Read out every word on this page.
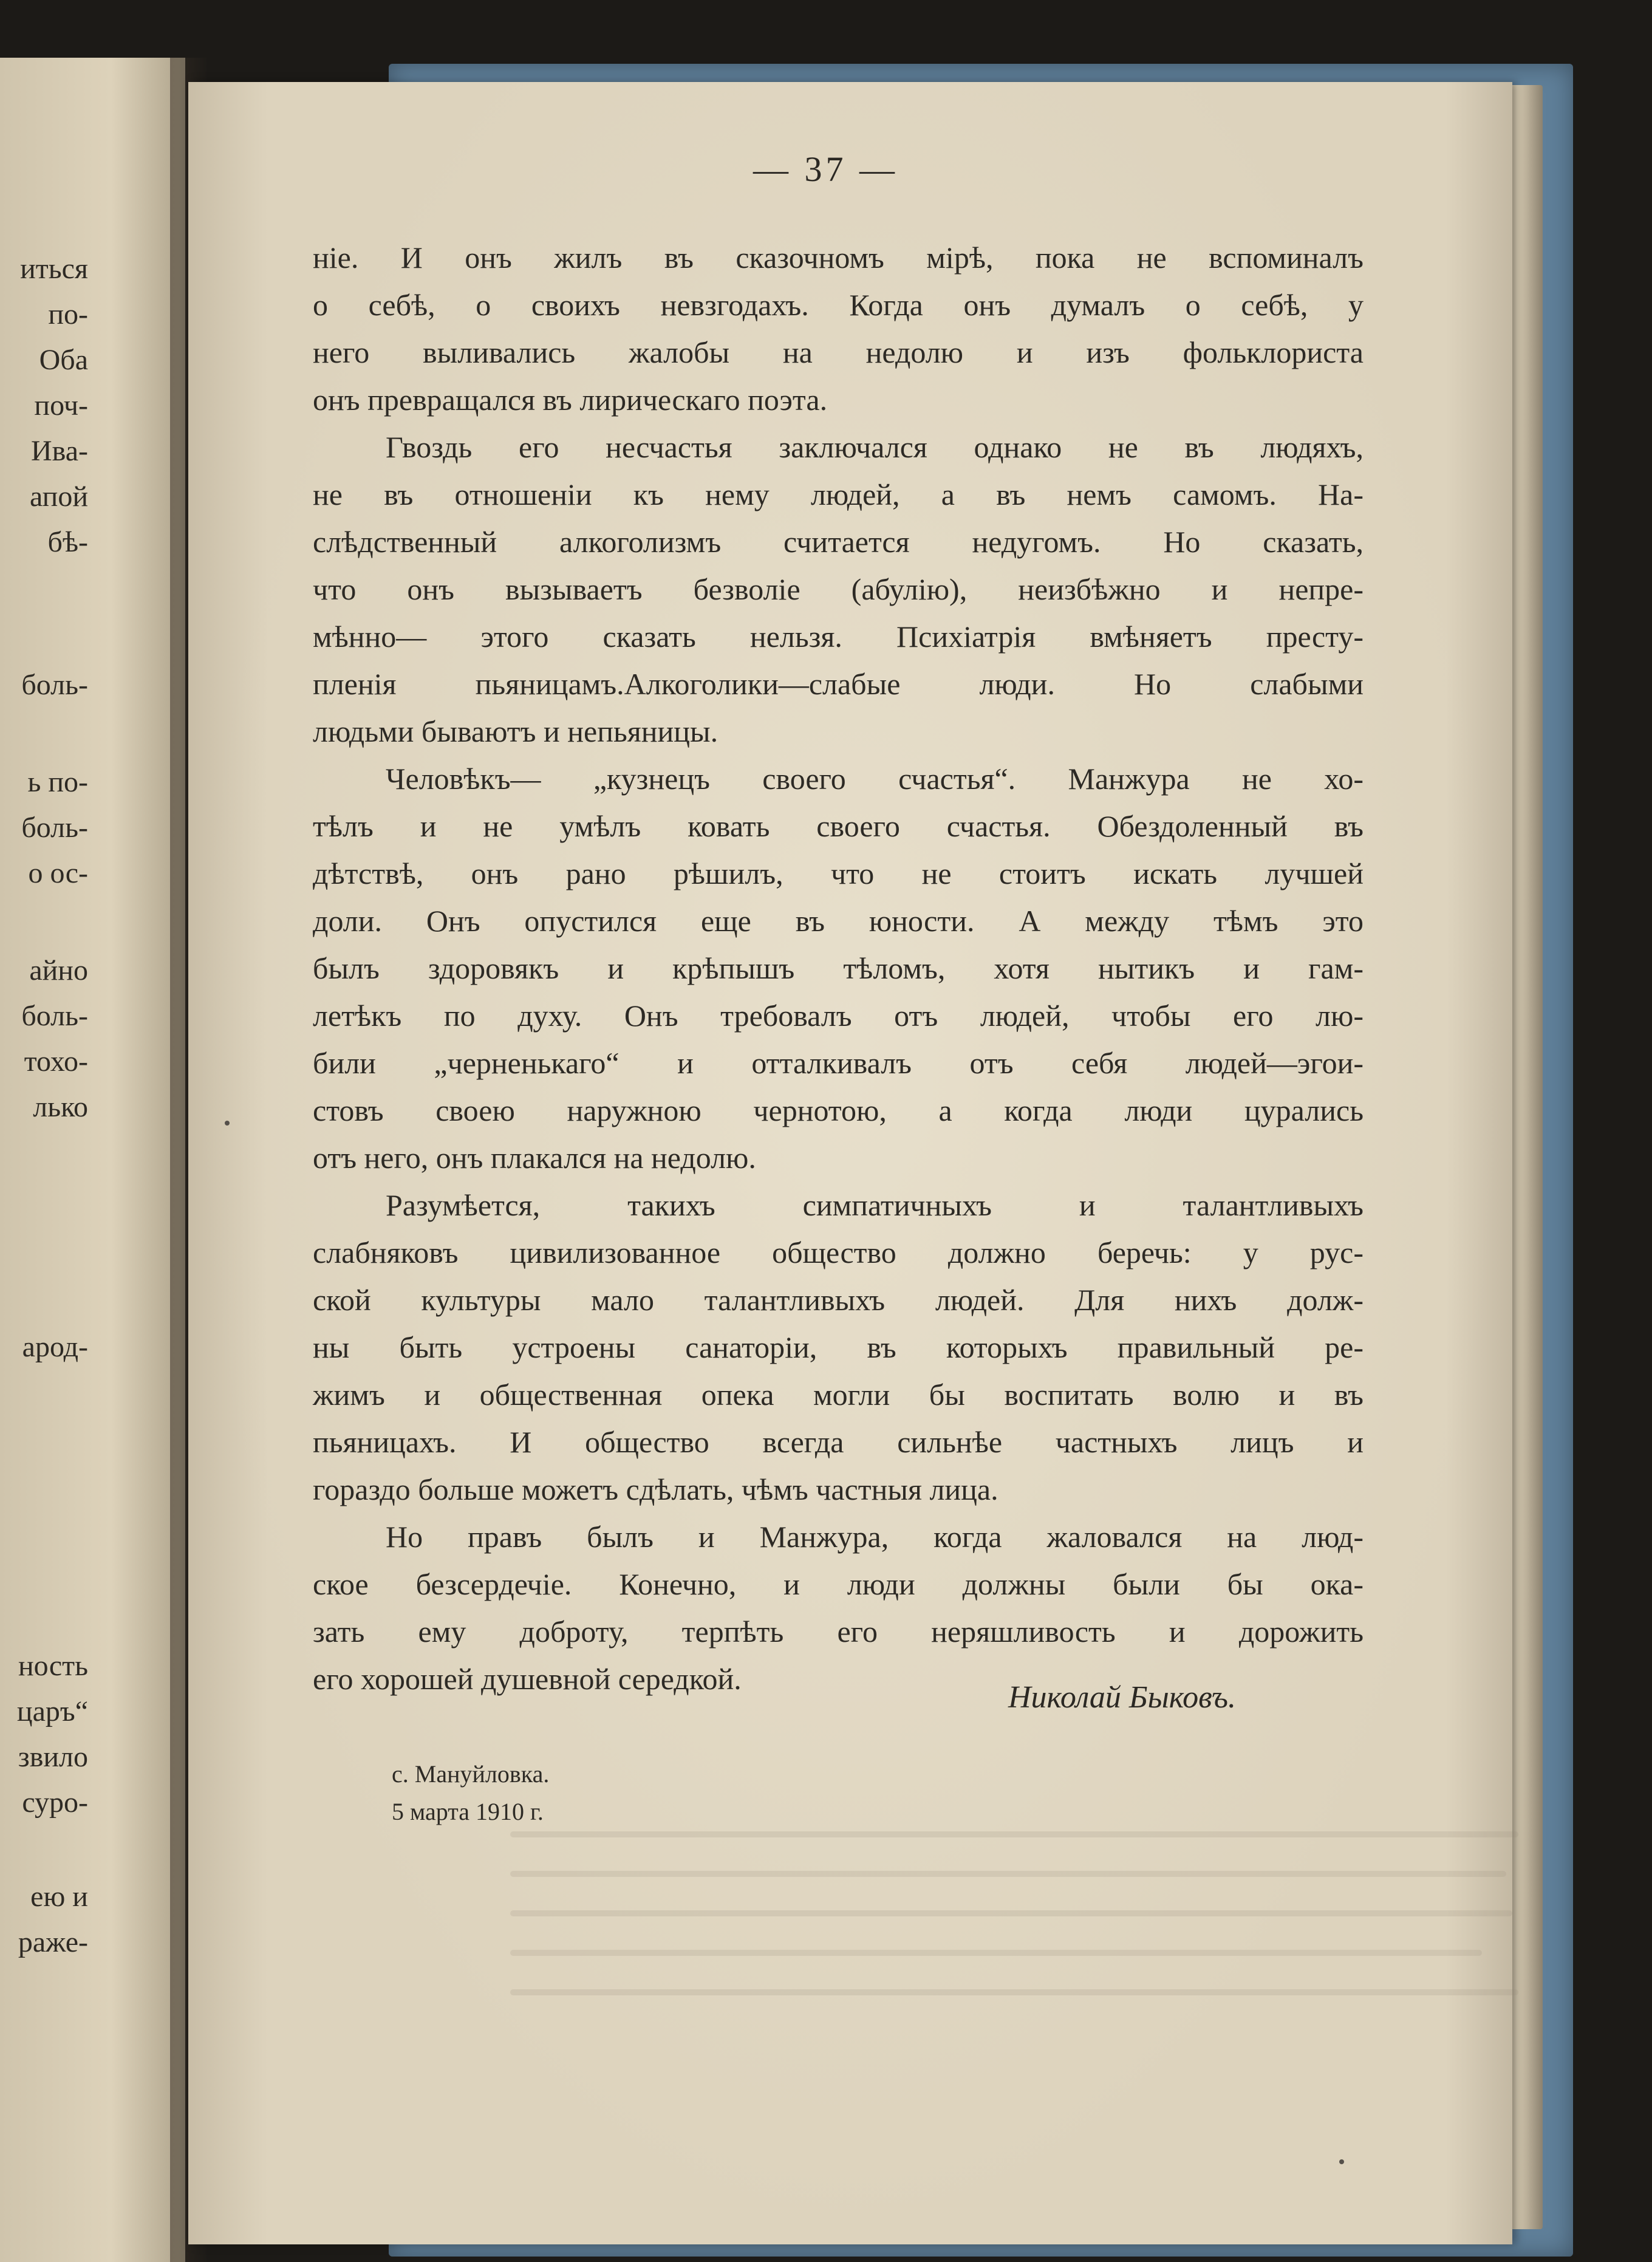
иться
по-
Оба
поч-
Ива-
апой
бѣ-
боль-
ь по-
боль-
о ос-
айно
боль-
тохо-
лько
арод-
ность
царъ“
звило
суро-
ею и
раже-
— 37 —
ніе. И онъ жилъ въ сказочномъ мірѣ, пока не вспоминалъ
о себѣ, о своихъ невзгодахъ. Когда онъ думалъ о себѣ, у
него выливались жалобы на недолю и изъ фольклориста
онъ превращался въ лирическаго поэта.
Гвоздь его несчастья заключался однако не въ людяхъ,
не въ отношеніи къ нему людей, а въ немъ самомъ. На-
слѣдственный алкоголизмъ считается недугомъ. Но сказать,
что онъ вызываетъ безволіе (абулію), неизбѣжно и непре-
мѣнно— этого сказать нельзя. Психіатрія вмѣняетъ престу-
пленія пьяницамъ.Алкоголики—слабые люди. Но слабыми
людьми бываютъ и непьяницы.
Человѣкъ— „кузнецъ своего счастья“. Манжура не хо-
тѣлъ и не умѣлъ ковать своего счастья. Обездоленный въ
дѣтствѣ, онъ рано рѣшилъ, что не стоитъ искать лучшей
доли. Онъ опустился еще въ юности. А между тѣмъ это
былъ здоровякъ и крѣпышъ тѣломъ, хотя нытикъ и гам-
летѣкъ по духу. Онъ требовалъ отъ людей, чтобы его лю-
били „черненькаго“ и отталкивалъ отъ себя людей—эгои-
стовъ своею наружною чернотою, а когда люди цурались
отъ него, онъ плакался на недолю.
Разумѣется, такихъ симпатичныхъ и талантливыхъ
слабняковъ цивилизованное общество должно беречь: у рус-
ской культуры мало талантливыхъ людей. Для нихъ долж-
ны быть устроены санаторіи, въ которыхъ правильный ре-
жимъ и общественная опека могли бы воспитать волю и въ
пьяницахъ. И общество всегда сильнѣе частныхъ лицъ и
гораздо больше можетъ сдѣлать, чѣмъ частныя лица.
Но правъ былъ и Манжура, когда жаловался на люд-
ское безсердечіе. Конечно, и люди должны были бы ока-
зать ему доброту, терпѣть его неряшливость и дорожить
его хорошей душевной середкой.
Николай Быковъ.
с. Мануйловка.
5 марта 1910 г.
